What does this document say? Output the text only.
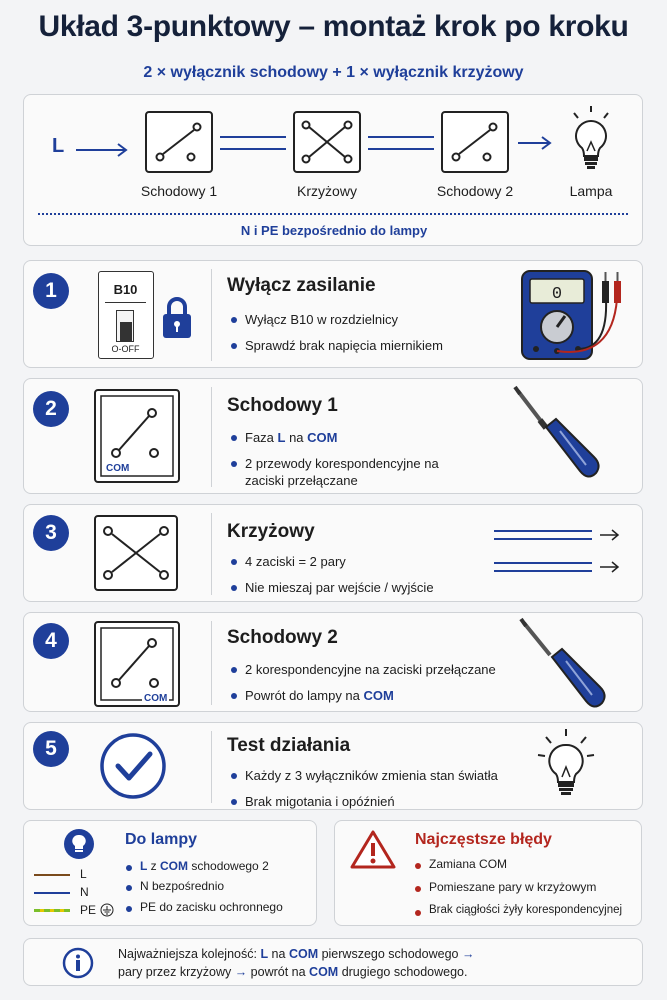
Układ 3-punktowy – montaż krok po kroku
2 × wyłącznik schodowy + 1 × wyłącznik krzyżowy
L
Schodowy 1	Krzyżowy	Schodowy 2	Lampa
N i PE bezpośrednio do lampy
1	B10
O-OFF
Wyłącz zasilanie
Wyłącz B10 w rozdzielnicy
Sprawdź brak napięcia miernikiem
0
2
COM
Schodowy 1
Faza L na COM
2 przewody korespondencyjne na zaciski przełączane
3	Krzyżowy
4 zaciski = 2 pary
Nie mieszaj par wejście / wyjście
4
COM
Schodowy 2
2 korespondencyjne na zaciski przełączane
Powrót do lampy na COM
5	Test działania
Każdy z 3 wyłączników zmienia stan światła
Brak migotania i opóźnień
Do lampy
L
N
PE
L z COM schodowego 2
N bezpośrednio
PE do zacisku ochronnego
Najczęstsze błędy
Zamiana COM
Pomieszane pary w krzyżowym
Brak ciągłości żyły korespondencyjnej
Najważniejsza kolejność: L na COM pierwszego schodowego →
pary przez krzyżowy → powrót na COM drugiego schodowego.
